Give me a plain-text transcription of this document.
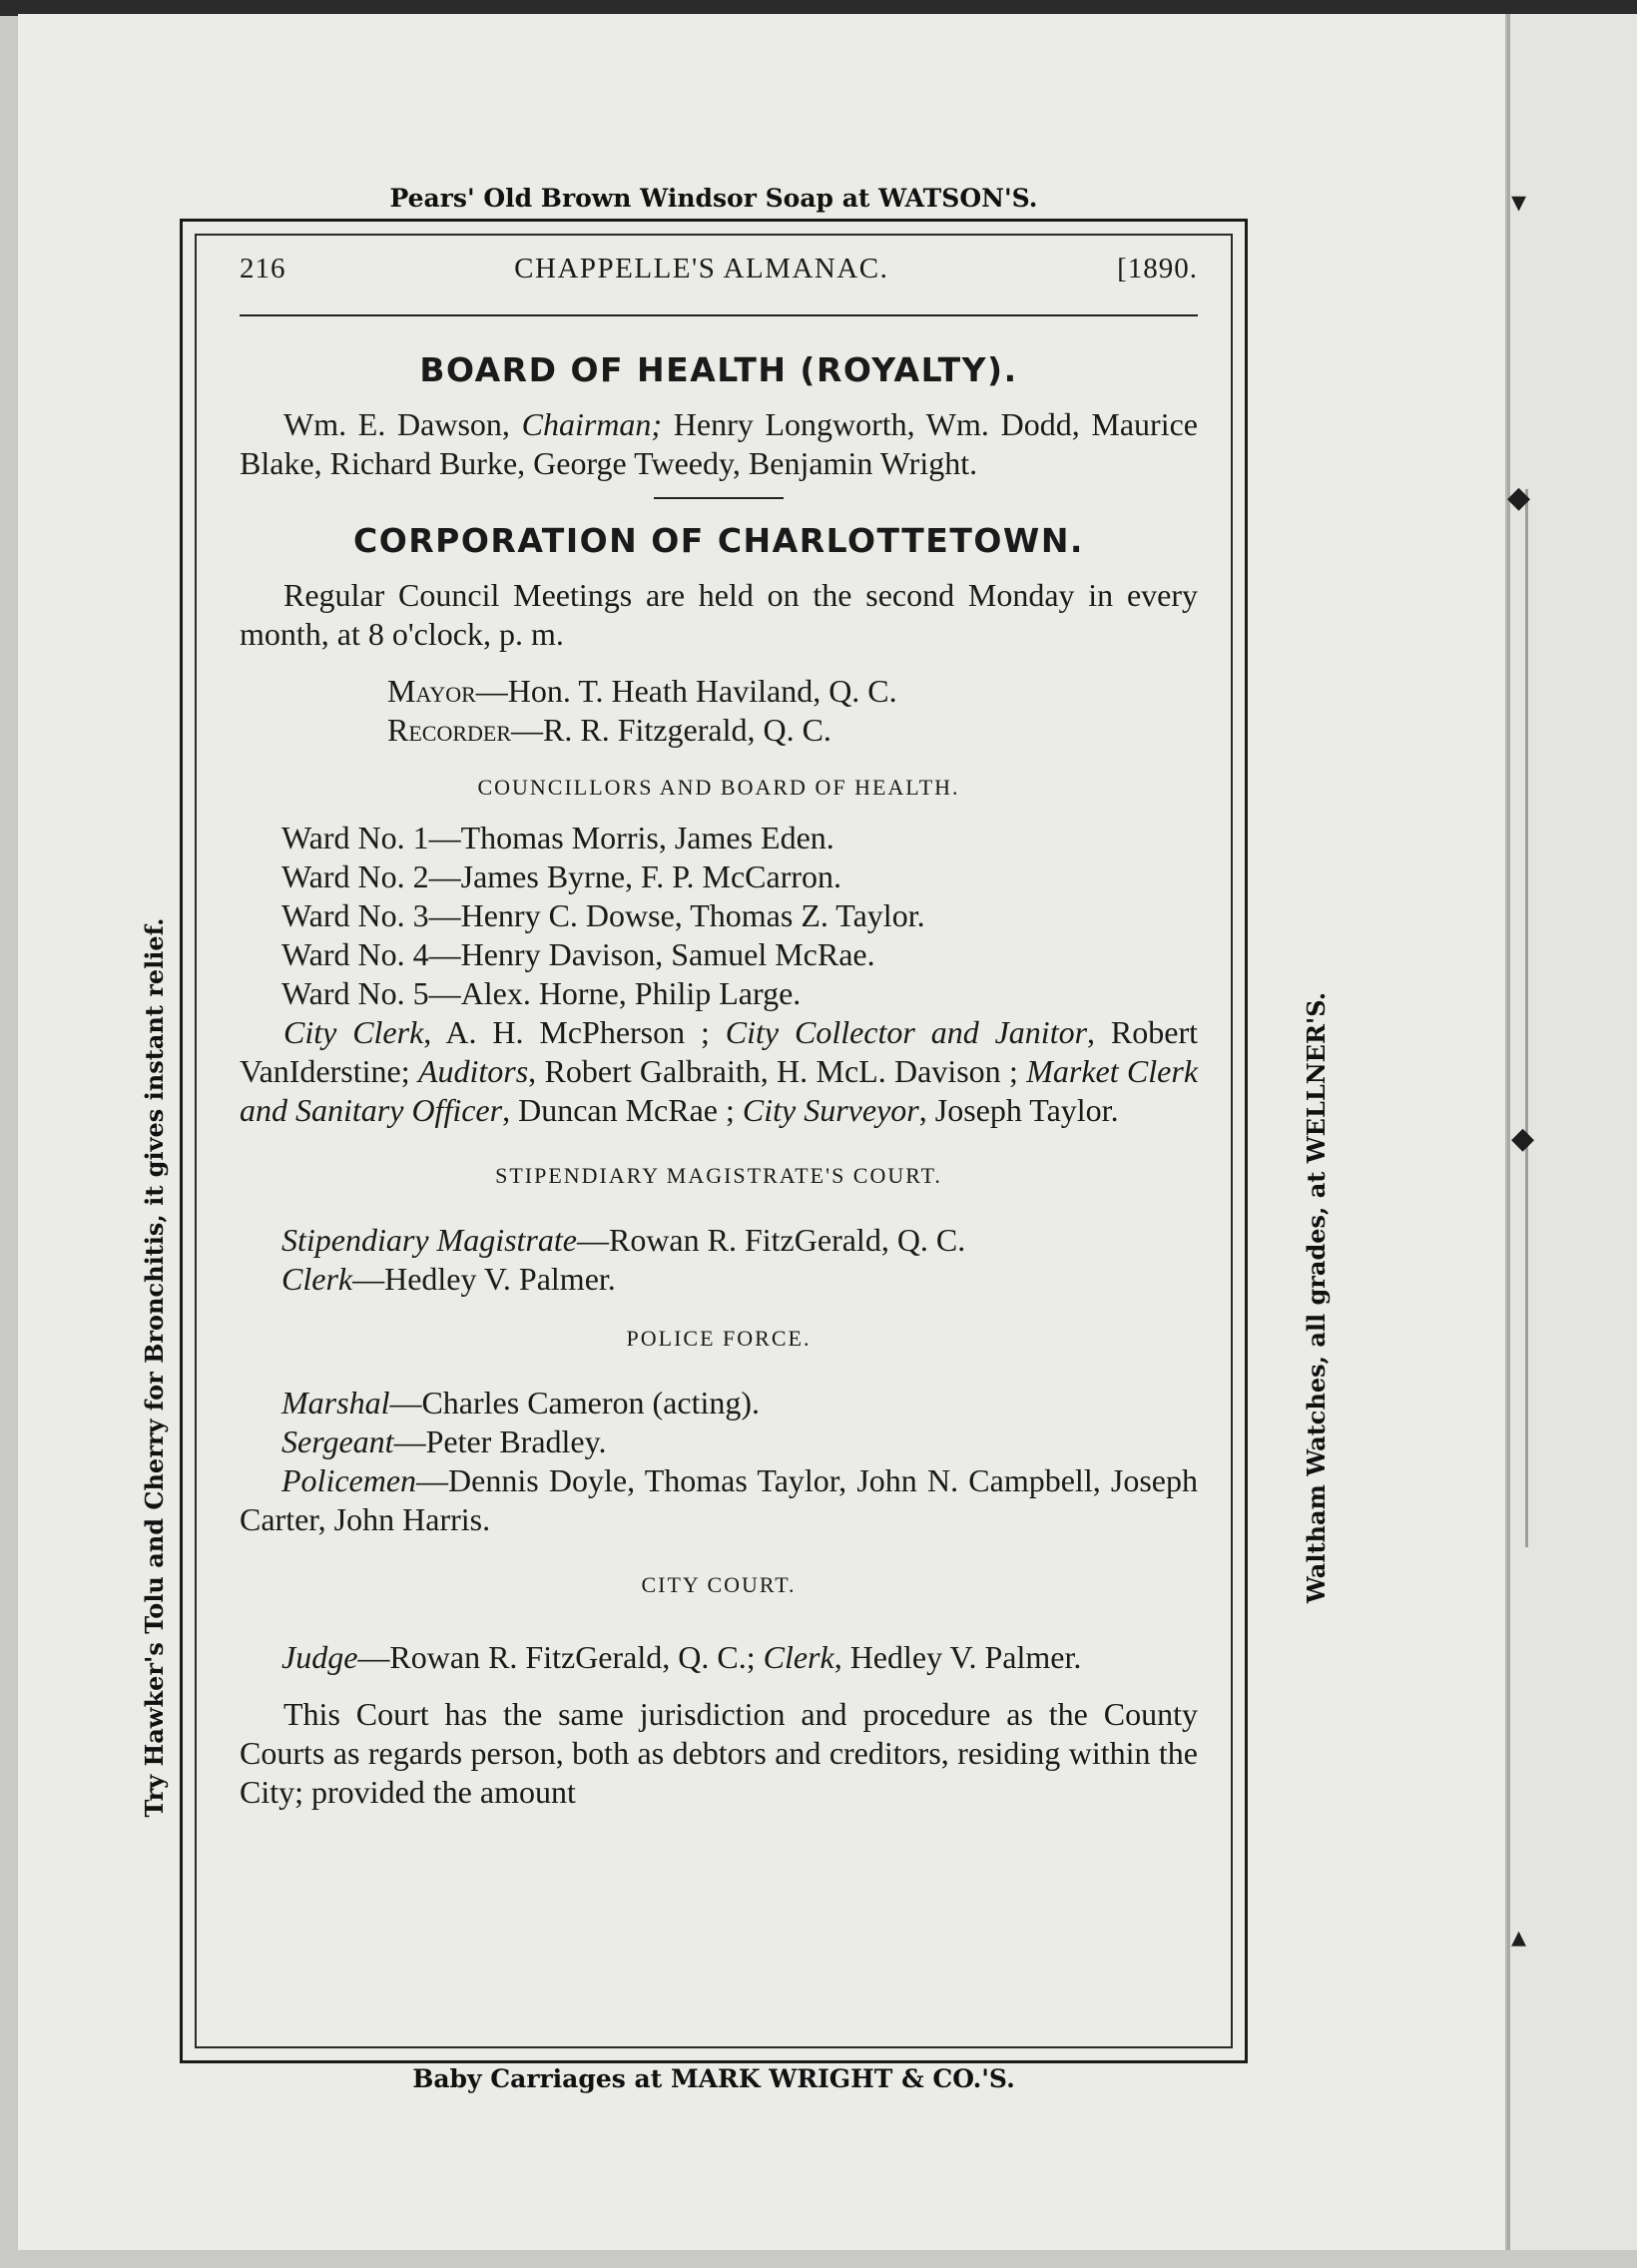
▾
◆
◆
▴
Pears' Old Brown Windsor Soap at WATSON'S.
Try Hawker's Tolu and Cherry for Bronchitis, it gives instant relief.	Waltham Watches, all grades, at WELLNER'S.
Baby Carriages at MARK WRIGHT & CO.'S.
216	CHAPPELLE'S ALMANAC.	[1890.
BOARD OF HEALTH (ROYALTY).

Wm. E. Dawson, Chairman; Henry Longworth, Wm. Dodd, Maurice Blake, Richard Burke, George Tweedy, Benjamin Wright.

CORPORATION OF CHARLOTTETOWN.

Regular Council Meetings are held on the second Monday in every month, at 8 o'clock, p. m.

Mayor—Hon. T. Heath Haviland, Q. C.
Recorder—R. R. Fitzgerald, Q. C.
COUNCILLORS AND BOARD OF HEALTH.
Ward No. 1—Thomas Morris, James Eden.
Ward No. 2—James Byrne, F. P. McCarron.
Ward No. 3—Henry C. Dowse, Thomas Z. Taylor.
Ward No. 4—Henry Davison, Samuel McRae.
Ward No. 5—Alex. Horne, Philip Large.

City Clerk, A. H. McPherson ; City Collector and Janitor, Robert VanIderstine; Auditors, Robert Galbraith, H. McL. Davison ; Market Clerk and Sanitary Officer, Duncan McRae ; City Surveyor, Joseph Taylor.

STIPENDIARY MAGISTRATE'S COURT.
Stipendiary Magistrate—Rowan R. FitzGerald, Q. C.
Clerk—Hedley V. Palmer.
POLICE FORCE.
Marshal—Charles Cameron (acting).
Sergeant—Peter Bradley.

Policemen—Dennis Doyle, Thomas Taylor, John N. Campbell, Joseph Carter, John Harris.

CITY COURT.

Judge—Rowan R. FitzGerald, Q. C.; Clerk, Hedley V. Palmer.

This Court has the same jurisdiction and procedure as the County Courts as regards person, both as debtors and creditors, residing within the City; provided the amount
